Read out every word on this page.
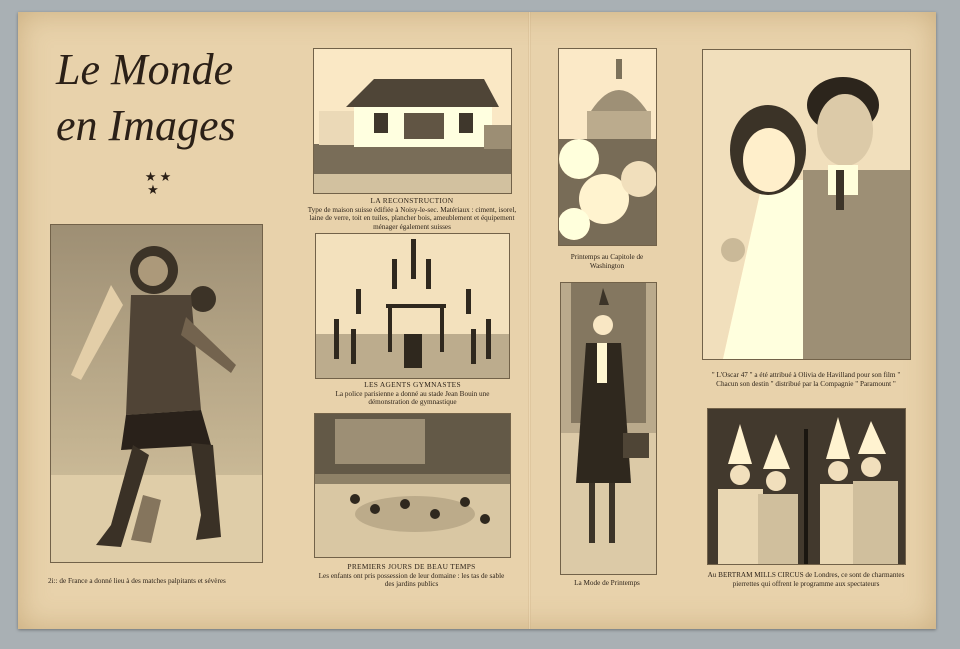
Le Monde
en Images
★ ★
★
2i:: de France a donné lieu à des matches palpitants et sévères
LA RECONSTRUCTION
Type de maison suisse édifiée à Noisy-le-sec. Matériaux : ciment, isorel, laine de verre, toit en tuiles, plancher bois, ameublement et équipement ménager également suisses
LES AGENTS GYMNASTES
La police parisienne a donné au stade Jean Bouin une démonstration de gymnastique
PREMIERS JOURS DE BEAU TEMPS
Les enfants ont pris possession de leur domaine : les tas de sable des jardins publics
Printemps au Capitole de Washington
La Mode de Printemps
" L'Oscar 47 " a été attribué à Olivia de Havilland pour son film " Chacun son destin " distribué par la Compagnie " Paramount "
Au BERTRAM MILLS CIRCUS de Londres, ce sont de charmantes pierrettes qui offrent le programme aux spectateurs
